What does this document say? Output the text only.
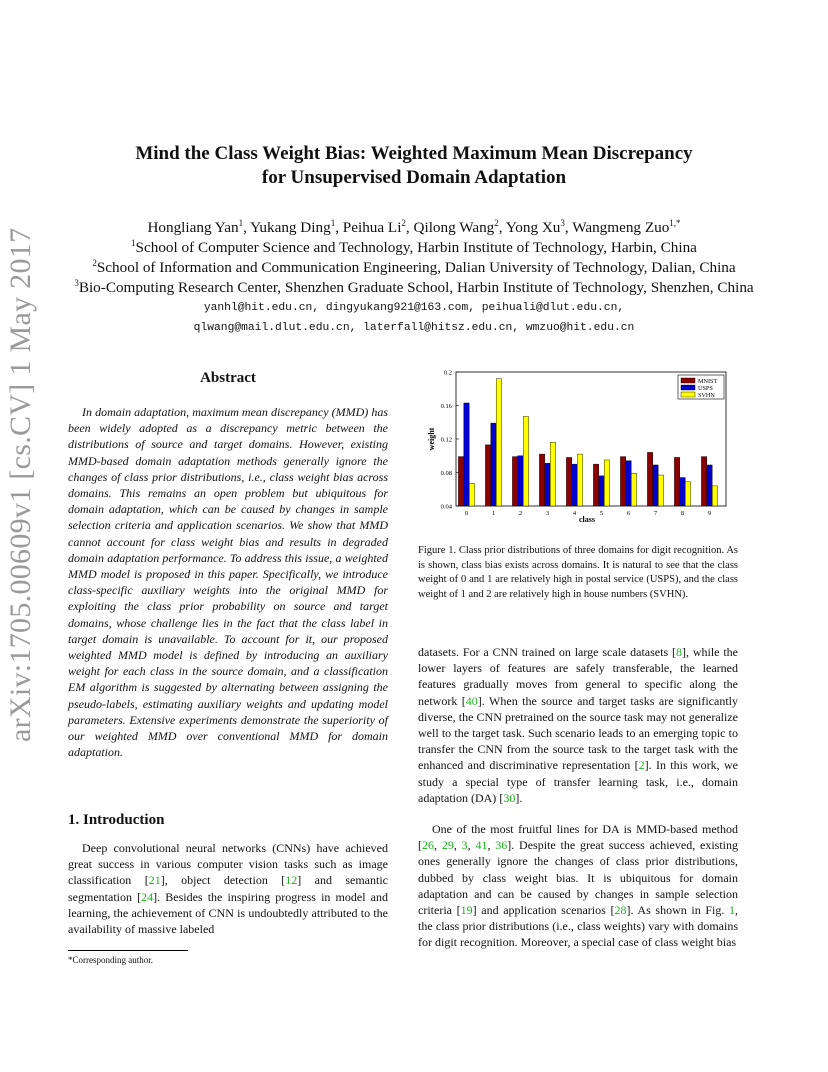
arXiv:1705.00609v1 [cs.CV] 1 May 2017
Mind the Class Weight Bias: Weighted Maximum Mean Discrepancy
for Unsupervised Domain Adaptation
Hongliang Yan$^1$, Yukang Ding$^1$, Peihua Li$^2$, Qilong Wang$^2$, Yong Xu$^3$, Wangmeng Zuo$^{1,*}$
$^1$School of Computer Science and Technology, Harbin Institute of Technology, Harbin, China
$^2$School of Information and Communication Engineering, Dalian University of Technology, Dalian, China
$^3$Bio-Computing Research Center, Shenzhen Graduate School, Harbin Institute of Technology, Shenzhen, China
yanhl@hit.edu.cn, dingyukang921@163.com, peihuali@dlut.edu.cn,
qlwang@mail.dlut.edu.cn, laterfall@hitsz.edu.cn, wmzuo@hit.edu.cn
Abstract

In domain adaptation, maximum mean discrepancy (MMD) has been widely adopted as a discrepancy metric between the distributions of source and target domains. However, existing MMD-based domain adaptation methods generally ignore the changes of class prior distributions, i.e., class weight bias across domains. This remains an open problem but ubiquitous for domain adaptation, which can be caused by changes in sample selection criteria and application scenarios. We show that MMD cannot account for class weight bias and results in degraded domain adaptation performance. To address this issue, a weighted MMD model is proposed in this paper. Specifically, we introduce class-specific auxiliary weights into the original MMD for exploiting the class prior probability on source and target domains, whose challenge lies in the fact that the class label in target domain is unavailable. To account for it, our proposed weighted MMD model is defined by introducing an auxiliary weight for each class in the source domain, and a classification EM algorithm is suggested by alternating between assigning the pseudo-labels, estimating auxiliary weights and updating model parameters. Extensive experiments demonstrate the superiority of our weighted MMD over conventional MMD for domain adaptation.

1. Introduction

Deep convolutional neural networks (CNNs) have achieved great success in various computer vision tasks such as image classification [21], object detection [12] and semantic segmentation [24]. Besides the inspiring progress in model and learning, the achievement of CNN is undoubtedly attributed to the availability of massive labeled

*Corresponding author.
0.04
0.08
0.12
0.16
0.2
0	1	2	3	4	5	6	7	8	9
class
weight
MNIST
USPS
SVHN

Figure 1. Class prior distributions of three domains for digit recognition. As is shown, class bias exists across domains. It is natural to see that the class weight of 0 and 1 are relatively high in postal service (USPS), and the class weight of 1 and 2 are relatively high in house numbers (SVHN).

datasets. For a CNN trained on large scale datasets [8], while the lower layers of features are safely transferable, the learned features gradually moves from general to specific along the network [40]. When the source and target tasks are significantly diverse, the CNN pretrained on the source task may not generalize well to the target task. Such scenario leads to an emerging topic to transfer the CNN from the source task to the target task with the enhanced and discriminative representation [2]. In this work, we study a special type of transfer learning task, i.e., domain adaptation (DA) [30].

One of the most fruitful lines for DA is MMD-based method [26, 29, 3, 41, 36]. Despite the great success achieved, existing ones generally ignore the changes of class prior distributions, dubbed by class weight bias. It is ubiquitous for domain adaptation and can be caused by changes in sample selection criteria [19] and application scenarios [28]. As shown in Fig. 1, the class prior distributions (i.e., class weights) vary with domains for digit recognition. Moreover, a special case of class weight bias
